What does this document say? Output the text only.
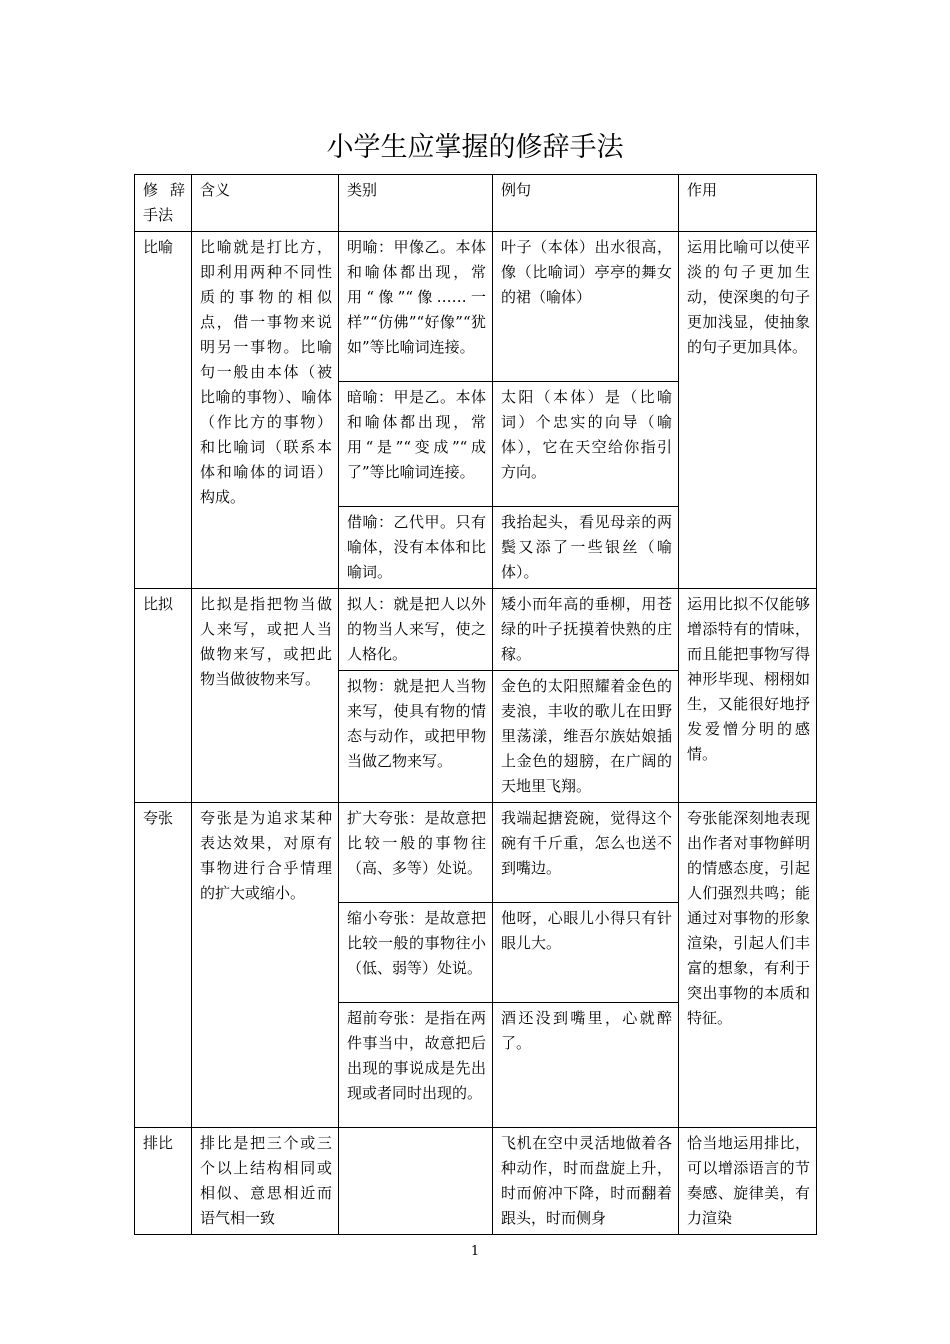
小学生应掌握的修辞手法
修 辞 手法	含义	类别	例句	作用
比喻	比喻就是打比方，即利用两种不同性质的事物的相似点，借一事物来说明另一事物。比喻句一般由本体（被比喻的事物）、喻体（作比方的事物）和比喻词（联系本体和喻体的词语）构成。	明喻：甲像乙。本体和喻体都出现，常用“像”“像……一样”“仿佛”“好像”“犹如”等比喻词连接。	叶子（本体）出水很高，像（比喻词）亭亭的舞女的裙（喻体）	运用比喻可以使平淡的句子更加生动，使深奥的句子更加浅显，使抽象的句子更加具体。
		暗喻：甲是乙。本体和喻体都出现，常用“是”“变成”“成了”等比喻词连接。	太阳（本体）是（比喻词）个忠实的向导（喻体），它在天空给你指引方向。	
		借喻：乙代甲。只有喻体，没有本体和比喻词。	我抬起头，看见母亲的两鬓又添了一些银丝（喻体）。	
比拟	比拟是指把物当做人来写，或把人当做物来写，或把此物当做彼物来写。	拟人：就是把人以外的物当人来写，使之人格化。	矮小而年高的垂柳，用苍绿的叶子抚摸着快熟的庄稼。	运用比拟不仅能够增添特有的情味，而且能把事物写得神形毕现、栩栩如生，又能很好地抒发爱憎分明的感情。
		拟物：就是把人当物来写，使具有物的情态与动作，或把甲物当做乙物来写。	金色的太阳照耀着金色的麦浪，丰收的歌儿在田野里荡漾，维吾尔族姑娘插上金色的翅膀，在广阔的天地里飞翔。	
夸张	夸张是为追求某种表达效果，对原有事物进行合乎情理的扩大或缩小。	扩大夸张：是故意把比较一般的事物往（高、多等）处说。	我端起搪瓷碗，觉得这个碗有千斤重，怎么也送不到嘴边。	夸张能深刻地表现出作者对事物鲜明的情感态度，引起人们强烈共鸣；能通过对事物的形象渲染，引起人们丰富的想象，有利于突出事物的本质和特征。
		缩小夸张：是故意把比较一般的事物往小（低、弱等）处说。	他呀，心眼儿小得只有针眼儿大。	
		超前夸张：是指在两件事当中，故意把后出现的事说成是先出现或者同时出现的。	酒还没到嘴里，心就醉了。	
排比	排比是把三个或三个以上结构相同或相似、意思相近而语气相一致		飞机在空中灵活地做着各种动作，时而盘旋上升，时而俯冲下降，时而翻着跟头，时而侧身	恰当地运用排比，可以增添语言的节奏感、旋律美，有力渲染
1
